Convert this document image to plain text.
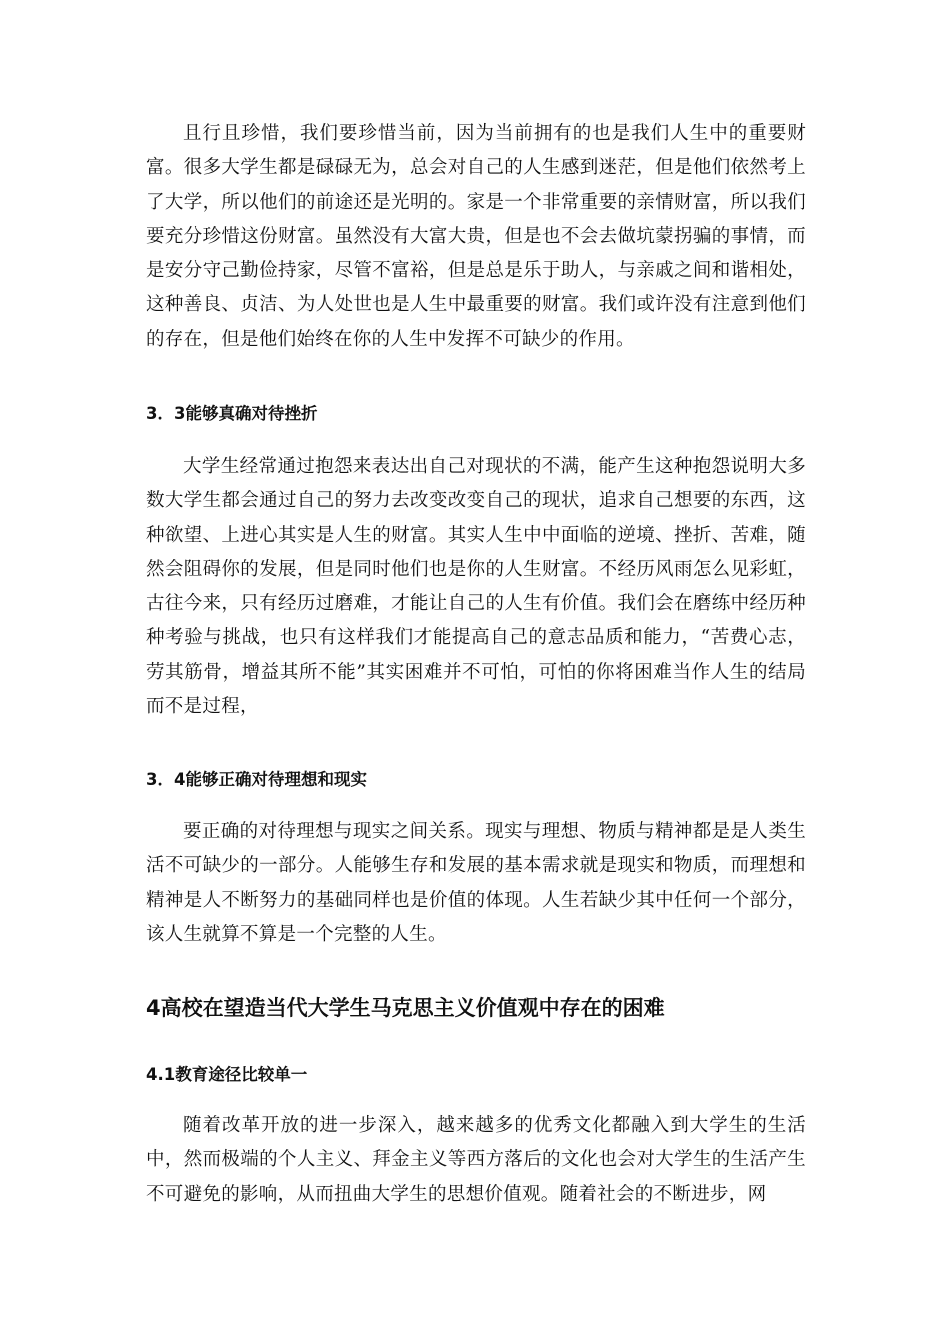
且行且珍惜，我们要珍惜当前，因为当前拥有的也是我们人生中的重要财富。很多大学生都是碌碌无为，总会对自己的人生感到迷茫，但是他们依然考上了大学，所以他们的前途还是光明的。家是一个非常重要的亲情财富，所以我们要充分珍惜这份财富。虽然没有大富大贵，但是也不会去做坑蒙拐骗的事情，而是安分守己勤俭持家，尽管不富裕，但是总是乐于助人，与亲戚之间和谐相处，这种善良、贞洁、为人处世也是人生中最重要的财富。我们或许没有注意到他们的存在，但是他们始终在你的人生中发挥不可缺少的作用。

3．3能够真确对待挫折

大学生经常通过抱怨来表达出自己对现状的不满，能产生这种抱怨说明大多数大学生都会通过自己的努力去改变改变自己的现状，追求自己想要的东西，这种欲望、上进心其实是人生的财富。其实人生中中面临的逆境、挫折、苦难，随然会阻碍你的发展，但是同时他们也是你的人生财富。不经历风雨怎么见彩虹，古往今来，只有经历过磨难，才能让自己的人生有价值。我们会在磨练中经历种种考验与挑战，也只有这样我们才能提高自己的意志品质和能力，“苦费心志，劳其筋骨，增益其所不能”其实困难并不可怕，可怕的你将困难当作人生的结局而不是过程，

3．4能够正确对待理想和现实

要正确的对待理想与现实之间关系。现实与理想、物质与精神都是是人类生活不可缺少的一部分。人能够生存和发展的基本需求就是现实和物质，而理想和精神是人不断努力的基础同样也是价值的体现。人生若缺少其中任何一个部分，该人生就算不算是一个完整的人生。

4高校在望造当代大学生马克思主义价值观中存在的困难
4.1教育途径比较单一

随着改革开放的进一步深入，越来越多的优秀文化都融入到大学生的生活中，然而极端的个人主义、拜金主义等西方落后的文化也会对大学生的生活产生不可避免的影响，从而扭曲大学生的思想价值观。随着社会的不断进步，网
